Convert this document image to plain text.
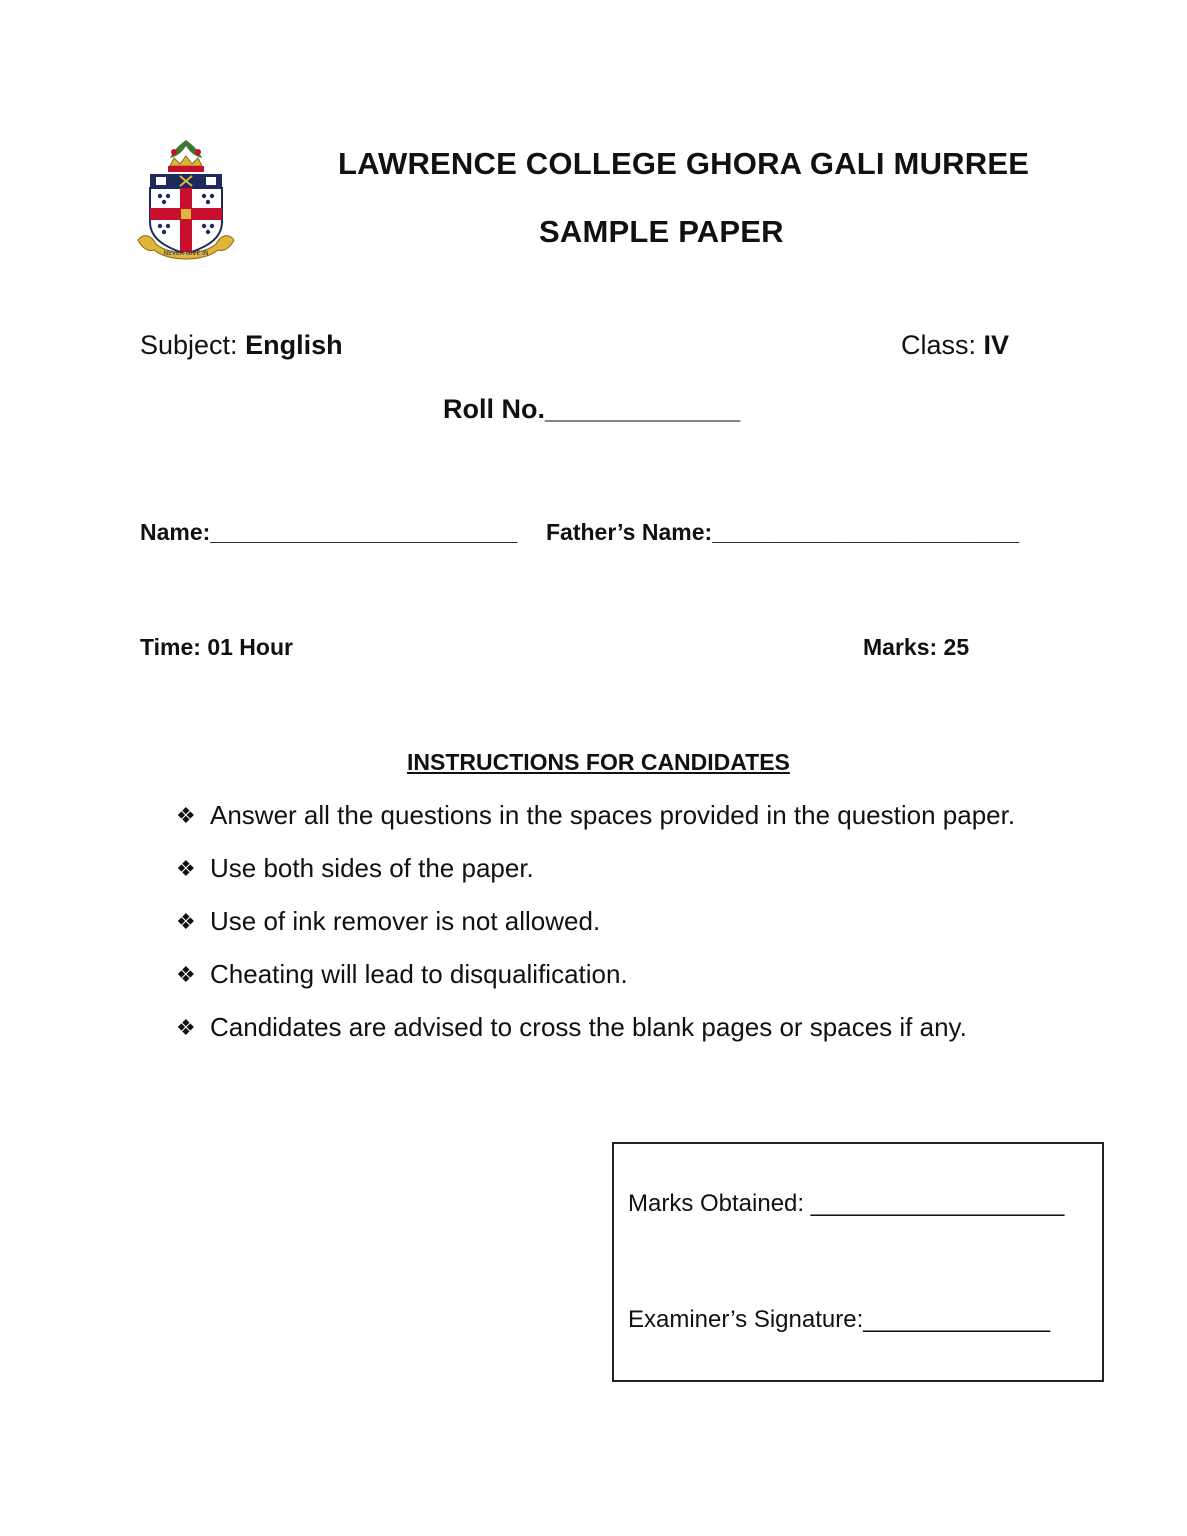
NEVER GIVE IN
LAWRENCE COLLEGE GHORA GALI MURREE
SAMPLE PAPER
Subject: English	Class: IV
Roll No._____________
Name:________________________ Father’s Name:________________________
Time: 01 Hour	Marks: 25
INSTRUCTIONS FOR CANDIDATES
❖ Answer all the questions in the spaces provided in the question paper.
❖ Use both sides of the paper.
❖ Use of ink remover is not allowed.
❖ Cheating will lead to disqualification.
❖ Candidates are advised to cross the blank pages or spaces if any.
Marks Obtained: ___________________
Examiner’s Signature:______________
